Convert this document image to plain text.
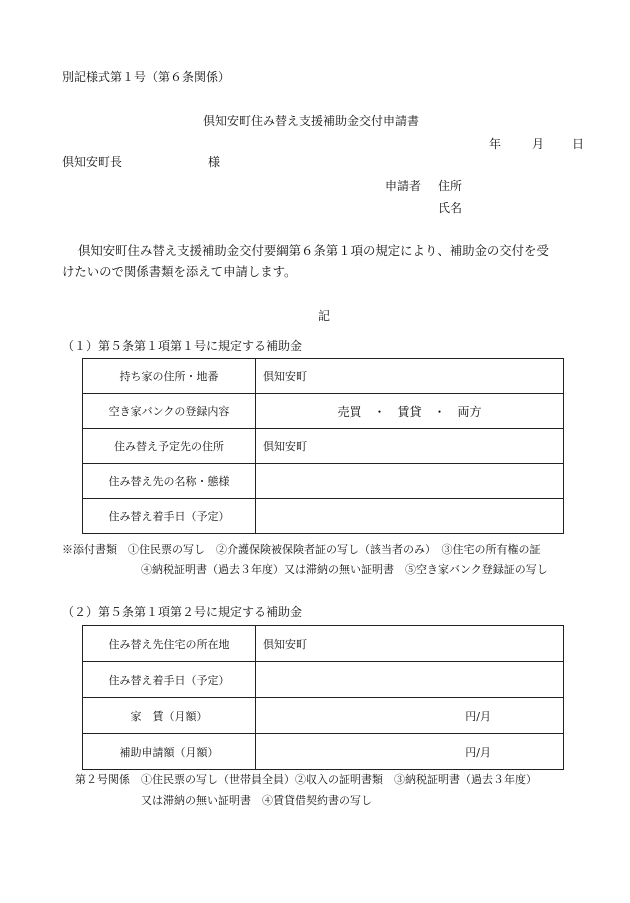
別記様式第１号（第６条関係）
倶知安町住み替え支援補助金交付申請書
年	月 日
倶知安町長	様
申請者 住所
氏名
倶知安町住み替え支援補助金交付要綱第６条第１項の規定により、補助金の交付を受
けたいので関係書類を添えて申請します。
記
（１）第５条第１項第１号に規定する補助金
持ち家の住所・地番	倶知安町
空き家バンクの登録内容	売買　・　賃貸　・　両方
住み替え予定先の住所	倶知安町
住み替え先の名称・態様	
住み替え着手日（予定）	
※添付書類　①住民票の写し　②介護保険被保険者証の写し（該当者のみ）　③住宅の所有権の証
④納税証明書（過去３年度）又は滞納の無い証明書　⑤空き家バンク登録証の写し
（２）第５条第１項第２号に規定する補助金
住み替え先住宅の所在地	倶知安町
住み替え着手日（予定）	
家　賃（月額）	円/月
補助申請額（月額）	円/月
第２号関係　①住民票の写し（世帯員全員）②収入の証明書類　③納税証明書（過去３年度）
又は滞納の無い証明書　④賃貸借契約書の写し
